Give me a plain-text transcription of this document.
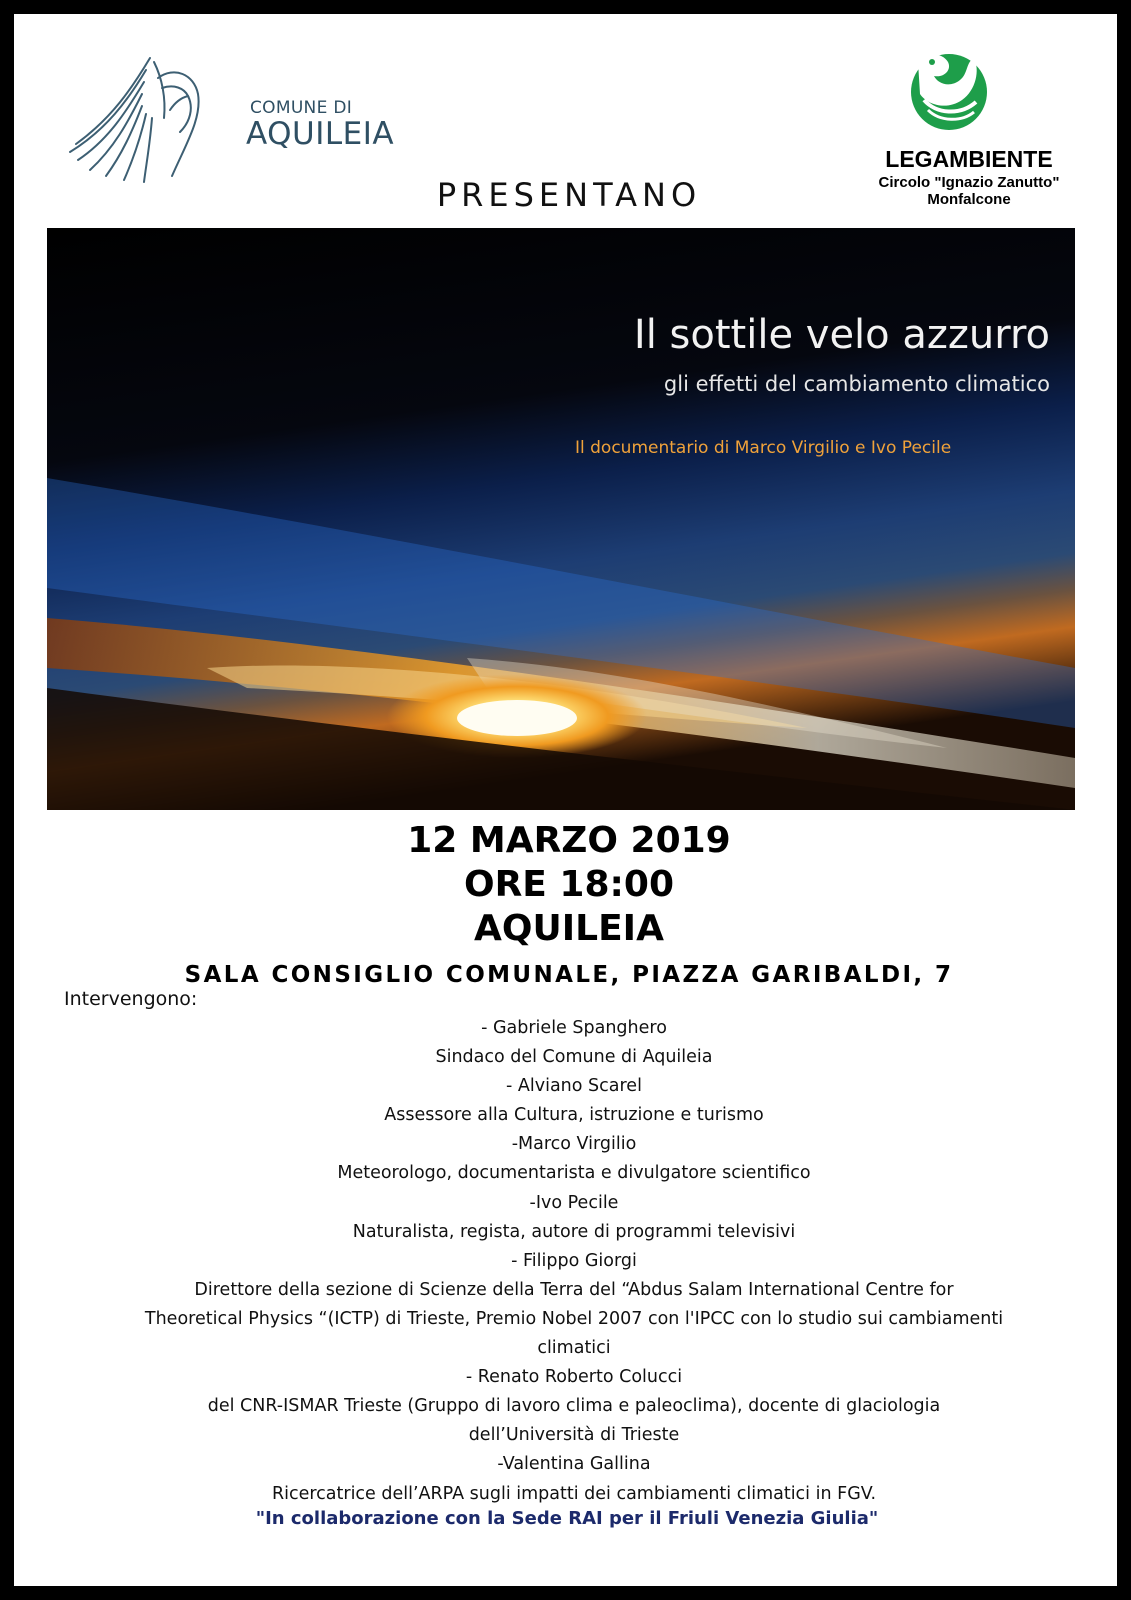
COMUNE DI
AQUILEIA
LEGAMBIENTE
Circolo "Ignazio Zanutto"
Monfalcone
PRESENTANO
Il sottile velo azzurro
gli effetti del cambiamento climatico
Il documentario di Marco Virgilio e Ivo Pecile
12 MARZO 2019
ORE 18:00
AQUILEIA
SALA CONSIGLIO COMUNALE, PIAZZA GARIBALDI, 7
Intervengono:
- Gabriele Spanghero
Sindaco del Comune di Aquileia
- Alviano Scarel
Assessore alla Cultura, istruzione e turismo
-Marco Virgilio
Meteorologo, documentarista e divulgatore scientifico
-Ivo Pecile
Naturalista, regista, autore di programmi televisivi
- Filippo Giorgi
Direttore della sezione di Scienze della Terra del “Abdus Salam International Centre for
Theoretical Physics “(ICTP) di Trieste, Premio Nobel 2007 con l'IPCC con lo studio sui cambiamenti
climatici
- Renato Roberto Colucci
del CNR-ISMAR Trieste (Gruppo di lavoro clima e paleoclima), docente di glaciologia
dell’Università di Trieste
-Valentina Gallina
Ricercatrice dell’ARPA sugli impatti dei cambiamenti climatici in FGV.
"In collaborazione con la Sede RAI per il Friuli Venezia Giulia"
